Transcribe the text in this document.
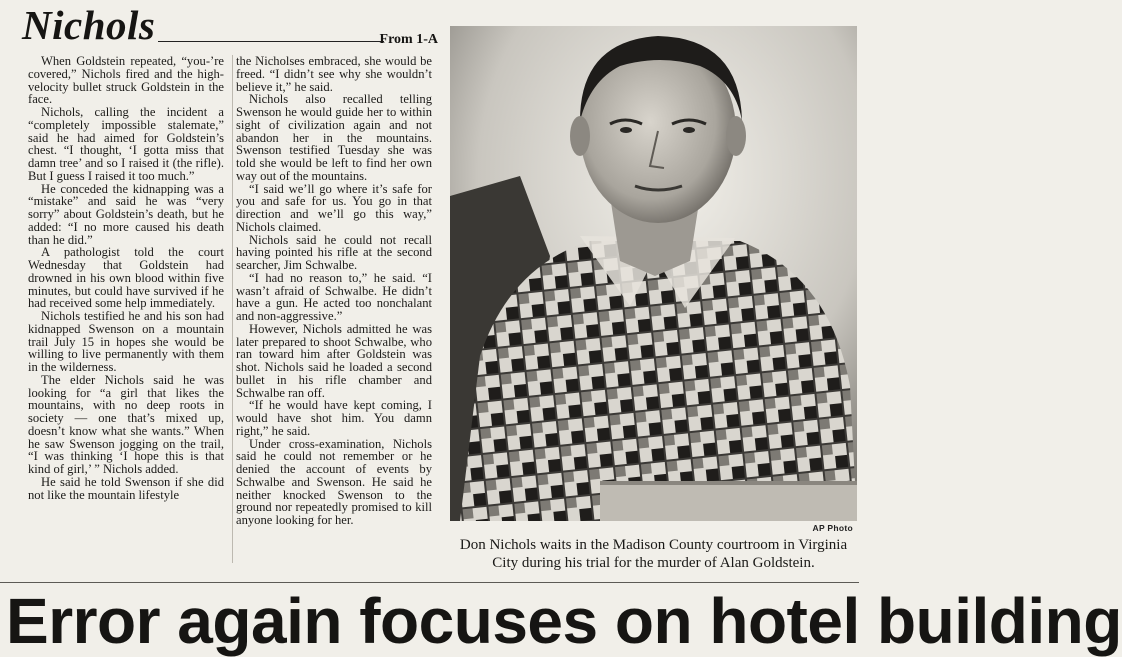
Nichols	From 1-A

When Goldstein repeated, “you-’re covered,” Nichols fired and the high-velocity bullet struck Goldstein in the face.

Nichols, calling the incident a “completely impossible stalemate,” said he had aimed for Goldstein’s chest. “I thought, ‘I gotta miss that damn tree’ and so I raised it (the rifle). But I guess I raised it too much.”

He conceded the kidnapping was a “mistake” and said he was “very sorry” about Goldstein’s death, but he added: “I no more caused his death than he did.”

A pathologist told the court Wednesday that Goldstein had drowned in his own blood within five minutes, but could have survived if he had received some help immediately.

Nichols testified he and his son had kidnapped Swenson on a mountain trail July 15 in hopes she would be willing to live permanently with them in the wilderness.

The elder Nichols said he was looking for “a girl that likes the mountains, with no deep roots in society — one that’s mixed up, doesn’t know what she wants.” When he saw Swenson jogging on the trail, “I was thinking ‘I hope this is that kind of girl,’ ” Nichols added.

He said he told Swenson if she did not like the mountain lifestyle

the Nicholses embraced, she would be freed. “I didn’t see why she wouldn’t believe it,” he said.

Nichols also recalled telling Swenson he would guide her to within sight of civilization again and not abandon her in the mountains. Swenson testified Tuesday she was told she would be left to find her own way out of the mountains.

“I said we’ll go where it’s safe for you and safe for us. You go in that direction and we’ll go this way,” Nichols claimed.

Nichols said he could not recall having pointed his rifle at the second searcher, Jim Schwalbe.

“I had no reason to,” he said. “I wasn’t afraid of Schwalbe. He didn’t have a gun. He acted too nonchalant and non-aggressive.”

However, Nichols admitted he was later prepared to shoot Schwalbe, who ran toward him after Goldstein was shot. Nichols said he loaded a second bullet in his rifle chamber and Schwalbe ran off.

“If he would have kept coming, I would have shot him. You damn right,” he said.

Under cross-examination, Nichols said he could not remember or he denied the account of events by Schwalbe and Swenson. He said he neither knocked Swenson to the ground nor repeatedly promised to kill anyone looking for her.

AP Photo
Don Nichols waits in the Madison County courtroom in Virginia City during his trial for the murder of Alan Goldstein.
Error again focuses on hotel building
